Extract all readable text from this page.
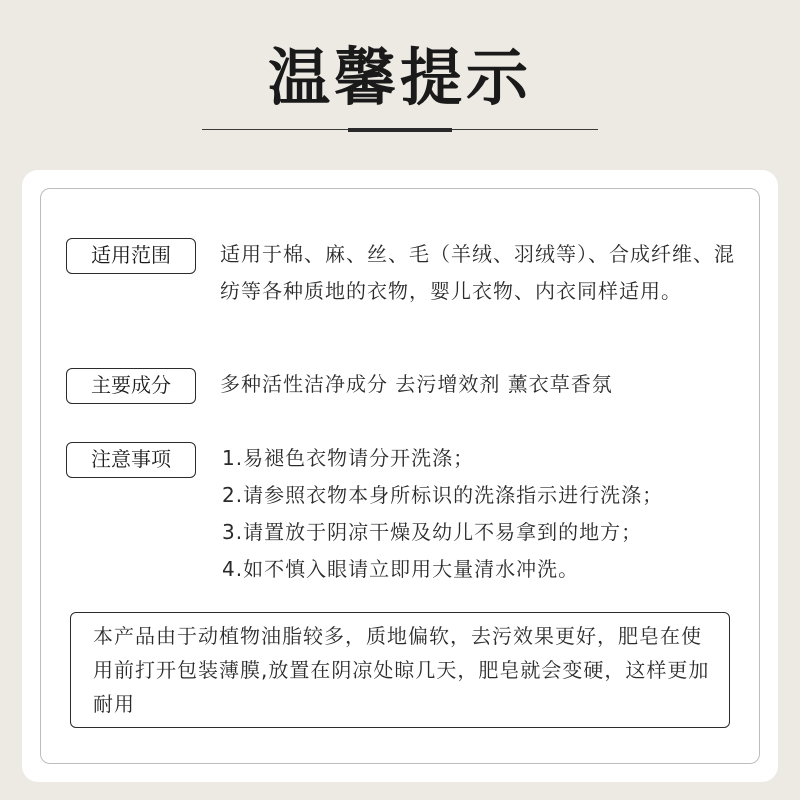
温馨提示
适用范围	适用于棉、麻、丝、毛（羊绒、羽绒等）、合成纤维、混纺等各种质地的衣物，婴儿衣物、内衣同样适用。
主要成分	多种活性洁净成分 去污增效剂 薰衣草香氛
注意事项	1.易褪色衣物请分开洗涤；
2.请参照衣物本身所标识的洗涤指示进行洗涤；
3.请置放于阴凉干燥及幼儿不易拿到的地方；
4.如不慎入眼请立即用大量清水冲洗。
本产品由于动植物油脂较多，质地偏软，去污效果更好，肥皂在使用前打开包装薄膜,放置在阴凉处晾几天，肥皂就会变硬，这样更加耐用
